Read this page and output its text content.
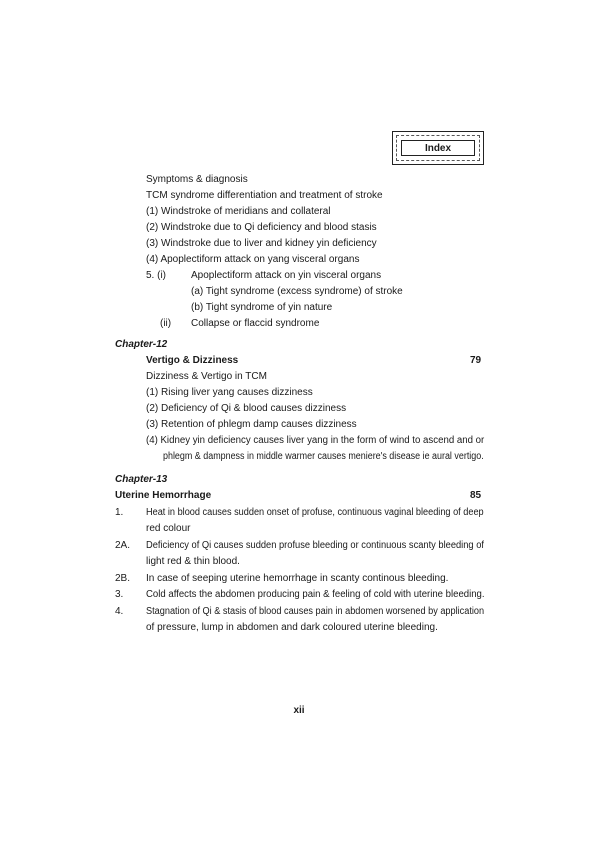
Index
Symptoms & diagnosis
TCM syndrome differentiation and treatment of stroke
(1) Windstroke of meridians and collateral
(2) Windstroke due to Qi deficiency and blood stasis
(3) Windstroke due to liver and kidney yin deficiency
(4) Apoplectiform attack on yang visceral organs
5. (i)	Apoplectiform attack on yin visceral organs
(a) Tight syndrome (excess syndrome) of stroke
(b) Tight syndrome of yin nature
(ii) Collapse or flaccid syndrome
Chapter-12
Vertigo & Dizziness	79
Dizziness & Vertigo in TCM
(1) Rising liver yang causes dizziness
(2) Deficiency of Qi & blood causes dizziness
(3) Retention of phlegm damp causes dizziness
(4) Kidney yin deficiency causes liver yang in the form of wind to ascend and or
phlegm & dampness in middle warmer causes meniere's disease ie aural vertigo.
Chapter-13
Uterine Hemorrhage	85
1. Heat in blood causes sudden onset of profuse, continuous vaginal bleeding of deep
red colour
2A. Deficiency of Qi causes sudden profuse bleeding or continuous scanty bleeding of
light red & thin blood.
2B. In case of seeping uterine hemorrhage in scanty continous bleeding.
3. Cold affects the abdomen producing pain & feeling of cold with uterine bleeding.
4. Stagnation of Qi & stasis of blood causes pain in abdomen worsened by application
of pressure, lump in abdomen and dark coloured uterine bleeding.
xii
